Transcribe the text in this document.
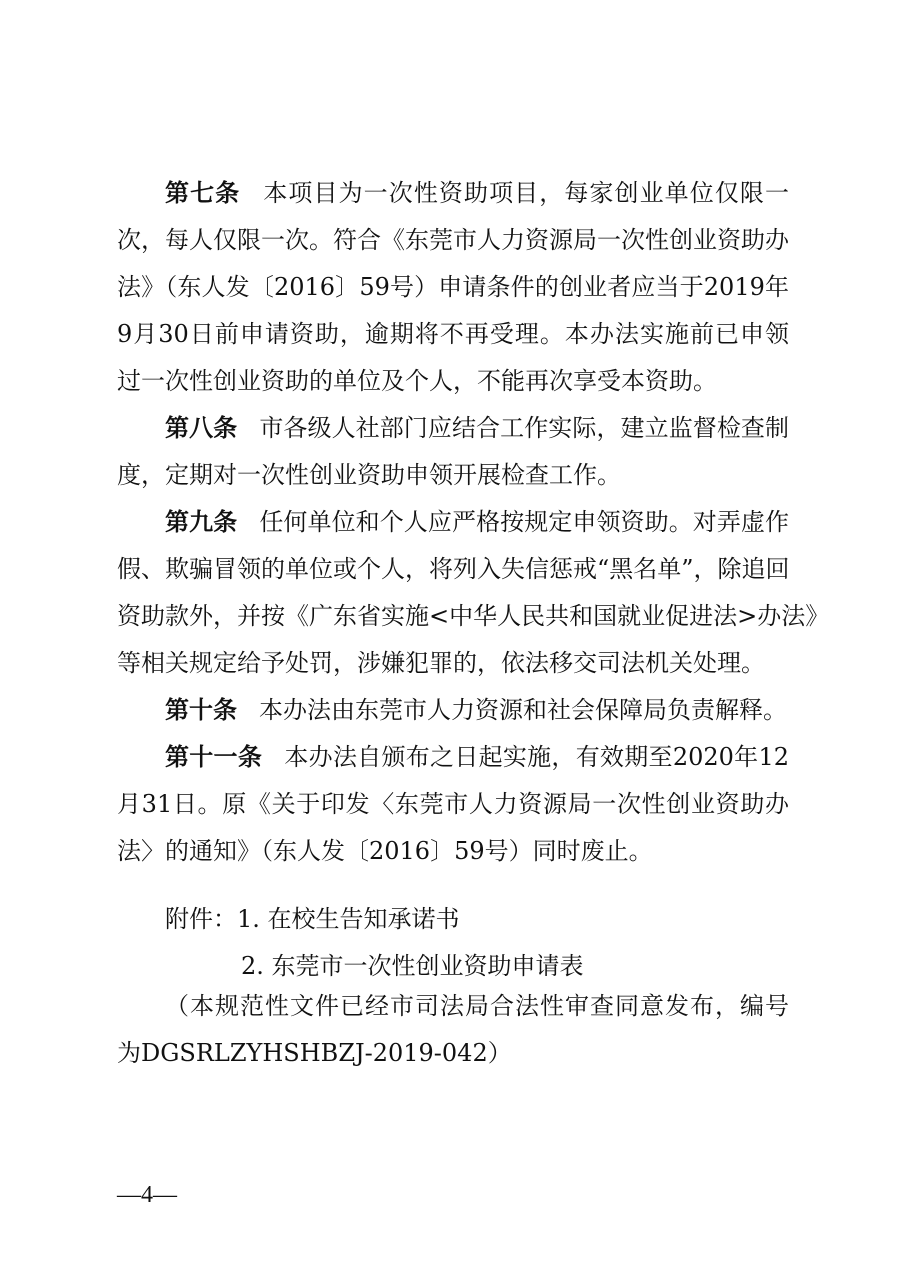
第七条 本项目为一次性资助项目，每家创业单位仅限一
次，每人仅限一次。符合《东莞市人力资源局一次性创业资助办
法》（东人发〔2016〕59号）申请条件的创业者应当于2019年
9月30日前申请资助，逾期将不再受理。本办法实施前已申领
过一次性创业资助的单位及个人，不能再次享受本资助。
第八条 市各级人社部门应结合工作实际，建立监督检查制
度，定期对一次性创业资助申领开展检查工作。
第九条 任何单位和个人应严格按规定申领资助。对弄虚作
假、欺骗冒领的单位或个人，将列入失信惩戒“黑名单”，除追回
资助款外，并按《广东省实施<中华人民共和国就业促进法>办法》
等相关规定给予处罚，涉嫌犯罪的，依法移交司法机关处理。
第十条 本办法由东莞市人力资源和社会保障局负责解释。
第十一条 本办法自颁布之日起实施，有效期至2020年12
月31日。原《关于印发〈东莞市人力资源局一次性创业资助办
法〉的通知》（东人发〔2016〕59号）同时废止。
附件：1. 在校生告知承诺书
2. 东莞市一次性创业资助申请表
（本规范性文件已经市司法局合法性审查同意发布，编号
为DGSRLZYHSHBZJ-2019-042）
—4—
